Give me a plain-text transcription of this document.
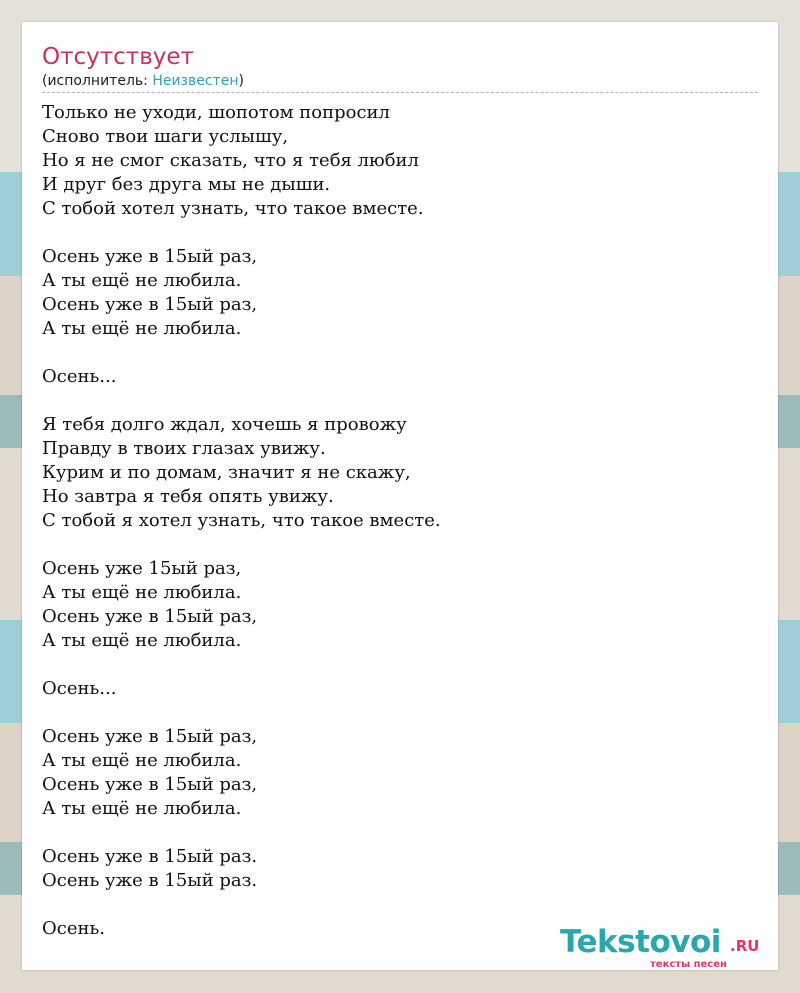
Отсутствует
(исполнитель: Неизвестен)
Только не уходи, шопотом попросил
Сново твои шаги услышу,
Но я не смог сказать, что я тебя любил
И друг без друга мы не дыши.
С тобой хотел узнать, что такое вместе.
Осень уже в 15ый раз,
А ты ещё не любила.
Осень уже в 15ый раз,
А ты ещё не любила.
Осень...
Я тебя долго ждал, хочешь я провожу
Правду в твоих глазах увижу.
Курим и по домам, значит я не скажу,
Но завтра я тебя опять увижу.
С тобой я хотел узнать, что такое вместе.
Осень уже 15ый раз,
А ты ещё не любила.
Осень уже в 15ый раз,
А ты ещё не любила.
Осень...
Осень уже в 15ый раз,
А ты ещё не любила.
Осень уже в 15ый раз,
А ты ещё не любила.
Осень уже в 15ый раз.
Осень уже в 15ый раз.
Осень.	Tekstovoi .RU
тексты песен
